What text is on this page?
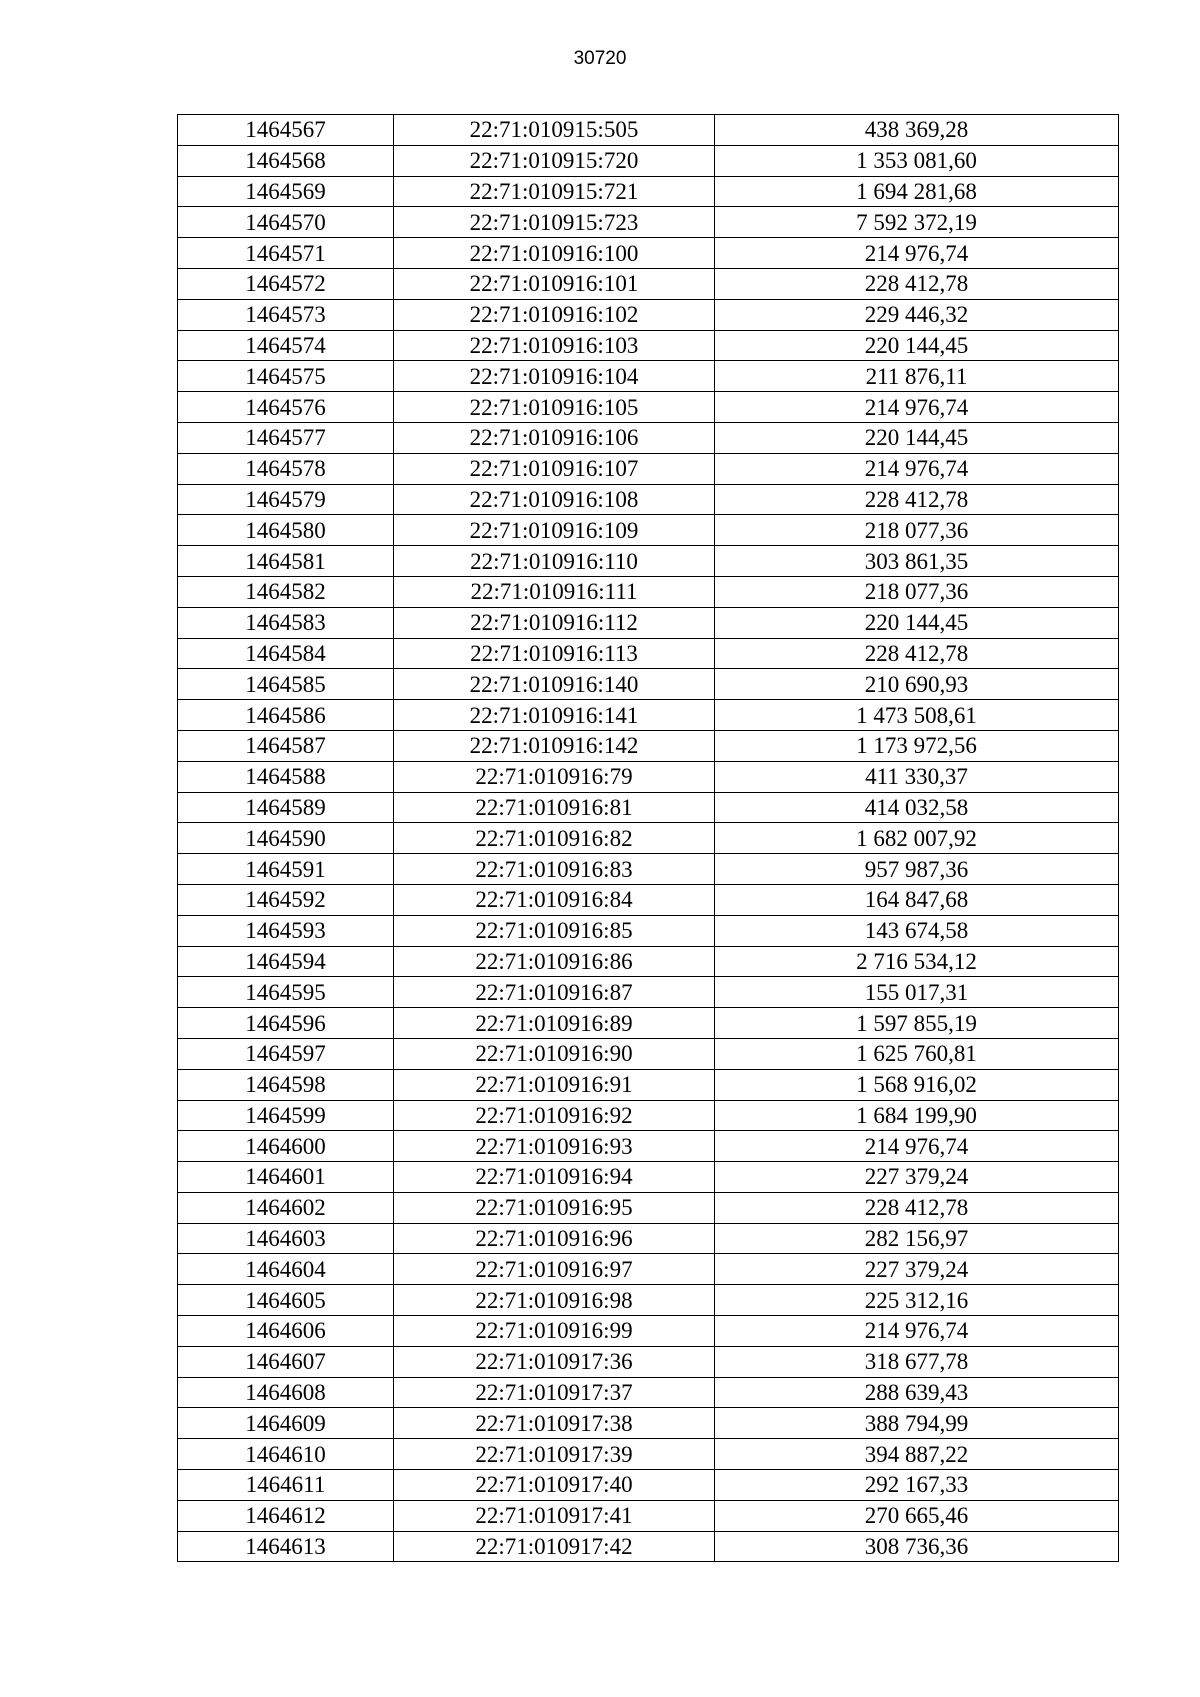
30720
1464567	22:71:010915:505	438 369,28
1464568	22:71:010915:720	1 353 081,60
1464569	22:71:010915:721	1 694 281,68
1464570	22:71:010915:723	7 592 372,19
1464571	22:71:010916:100	214 976,74
1464572	22:71:010916:101	228 412,78
1464573	22:71:010916:102	229 446,32
1464574	22:71:010916:103	220 144,45
1464575	22:71:010916:104	211 876,11
1464576	22:71:010916:105	214 976,74
1464577	22:71:010916:106	220 144,45
1464578	22:71:010916:107	214 976,74
1464579	22:71:010916:108	228 412,78
1464580	22:71:010916:109	218 077,36
1464581	22:71:010916:110	303 861,35
1464582	22:71:010916:111	218 077,36
1464583	22:71:010916:112	220 144,45
1464584	22:71:010916:113	228 412,78
1464585	22:71:010916:140	210 690,93
1464586	22:71:010916:141	1 473 508,61
1464587	22:71:010916:142	1 173 972,56
1464588	22:71:010916:79	411 330,37
1464589	22:71:010916:81	414 032,58
1464590	22:71:010916:82	1 682 007,92
1464591	22:71:010916:83	957 987,36
1464592	22:71:010916:84	164 847,68
1464593	22:71:010916:85	143 674,58
1464594	22:71:010916:86	2 716 534,12
1464595	22:71:010916:87	155 017,31
1464596	22:71:010916:89	1 597 855,19
1464597	22:71:010916:90	1 625 760,81
1464598	22:71:010916:91	1 568 916,02
1464599	22:71:010916:92	1 684 199,90
1464600	22:71:010916:93	214 976,74
1464601	22:71:010916:94	227 379,24
1464602	22:71:010916:95	228 412,78
1464603	22:71:010916:96	282 156,97
1464604	22:71:010916:97	227 379,24
1464605	22:71:010916:98	225 312,16
1464606	22:71:010916:99	214 976,74
1464607	22:71:010917:36	318 677,78
1464608	22:71:010917:37	288 639,43
1464609	22:71:010917:38	388 794,99
1464610	22:71:010917:39	394 887,22
1464611	22:71:010917:40	292 167,33
1464612	22:71:010917:41	270 665,46
1464613	22:71:010917:42	308 736,36
